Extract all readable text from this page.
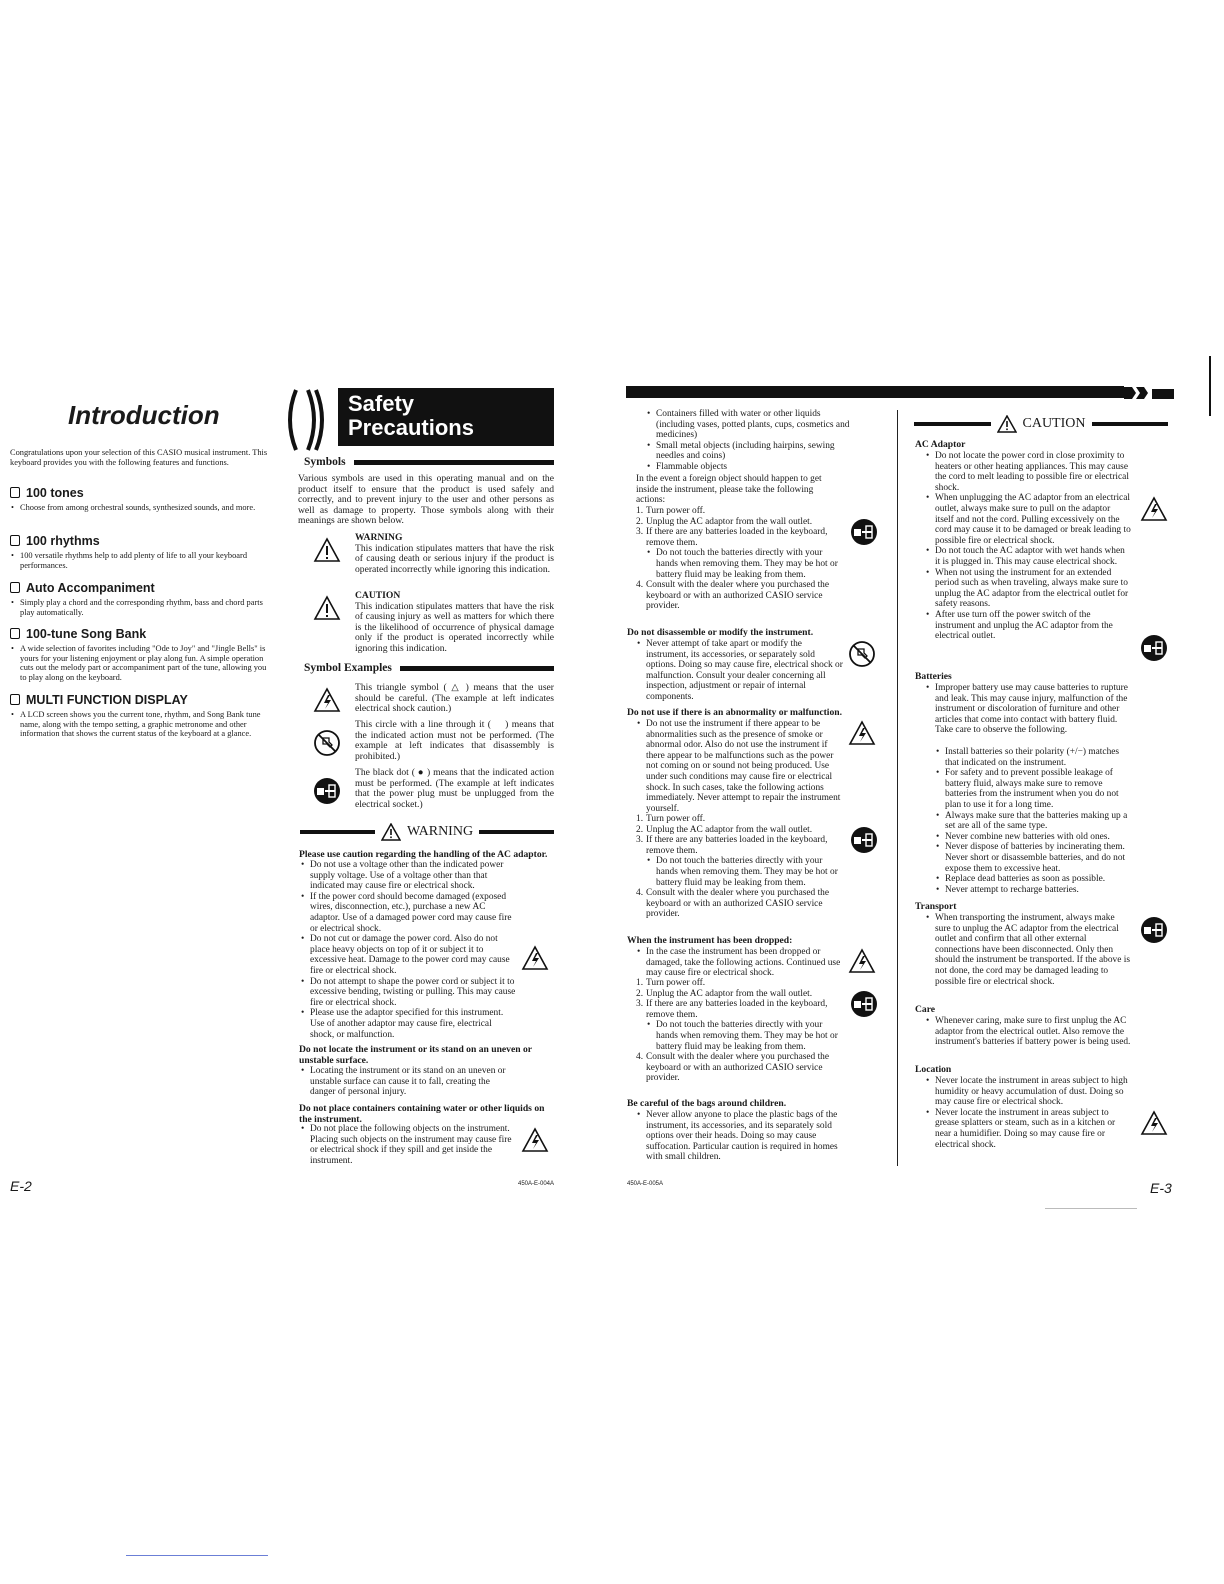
Introduction
Congratulations upon your selection of this CASIO musical instrument. This keyboard provides you with the following features and functions.
100 tones
• Choose from among orchestral sounds, synthesized sounds, and more.
100 rhythms
• 100 versatile rhythms help to add plenty of life to all your keyboard performances.
Auto Accompaniment
• Simply play a chord and the corresponding rhythm, bass and chord parts play automatically.
100-tune Song Bank
• A wide selection of favorites including "Ode to Joy" and "Jingle Bells" is yours for your listening enjoyment or play along fun. A simple operation cuts out the melody part or accompaniment part of the tune, allowing you to play along on the keyboard.
MULTI FUNCTION DISPLAY
• A LCD screen shows you the current tone, rhythm, and Song Bank tune name, along with the tempo setting, a graphic metronome and other information that shows the current status of the keyboard at a glance.
E-2
Safety
Precautions
Symbols
Various symbols are used in this operating manual and on the product itself to ensure that the product is used safely and correctly, and to prevent injury to the user and other persons as well as damage to property. Those symbols along with their meanings are shown below.
WARNING
This indication stipulates matters that have the risk of causing death or serious injury if the product is operated incorrectly while ignoring this indication.
CAUTION
This indication stipulates matters that have the risk of causing injury as well as matters for which there is the likelihood of occurrence of physical damage only if the product is operated incorrectly while ignoring this indication.
Symbol Examples
This triangle symbol ( △ ) means that the user should be careful. (The example at left indicates electrical shock caution.)
This circle with a line through it ( ⃠ ) means that the indicated action must not be performed. (The example at left indicates that disassembly is prohibited.)
The black dot ( ● ) means that the indicated action must be performed. (The example at left indicates that the power plug must be unplugged from the electrical socket.)
WARNING
Please use caution regarding the handling of the AC adaptor.
• Do not use a voltage other than the indicated power supply voltage. Use of a voltage other than that indicated may cause fire or electrical shock.
• If the power cord should become damaged (exposed wires, disconnection, etc.), purchase a new AC adaptor. Use of a damaged power cord may cause fire or electrical shock.
• Do not cut or damage the power cord. Also do not place heavy objects on top of it or subject it to excessive heat. Damage to the power cord may cause fire or electrical shock.
• Do not attempt to shape the power cord or subject it to excessive bending, twisting or pulling. This may cause fire or electrical shock.
• Please use the adaptor specified for this instrument. Use of another adaptor may cause fire, electrical shock, or malfunction.
Do not locate the instrument or its stand on an uneven or unstable surface.
• Locating the instrument or its stand on an uneven or unstable surface can cause it to fall, creating the danger of personal injury.
Do not place containers containing water or other liquids on the instrument.
• Do not place the following objects on the instrument. Placing such objects on the instrument may cause fire or electrical shock if they spill and get inside the instrument.
450A-E-004A
• Containers filled with water or other liquids (including vases, potted plants, cups, cosmetics and medicines)
• Small metal objects (including hairpins, sewing needles and coins)
• Flammable objects
In the event a foreign object should happen to get inside the instrument, please take the following actions:
1. Turn power off.
2. Unplug the AC adaptor from the wall outlet.
3. If there are any batteries loaded in the keyboard, remove them.
• Do not touch the batteries directly with your hands when removing them. They may be hot or battery fluid may be leaking from them.
4. Consult with the dealer where you purchased the keyboard or with an authorized CASIO service provider.
Do not disassemble or modify the instrument.
• Never attempt of take apart or modify the instrument, its accessories, or separately sold options. Doing so may cause fire, electrical shock or malfunction. Consult your dealer concerning all inspection, adjustment or repair of internal components.
Do not use if there is an abnormality or malfunction.
• Do not use the instrument if there appear to be abnormalities such as the presence of smoke or abnormal odor. Also do not use the instrument if there appear to be malfunctions such as the power not coming on or sound not being produced. Use under such conditions may cause fire or electrical shock. In such cases, take the following actions immediately. Never attempt to repair the instrument yourself.
1. Turn power off.
2. Unplug the AC adaptor from the wall outlet.
3. If there are any batteries loaded in the keyboard, remove them.
• Do not touch the batteries directly with your hands when removing them. They may be hot or battery fluid may be leaking from them.
4. Consult with the dealer where you purchased the keyboard or with an authorized CASIO service provider.
When the instrument has been dropped:
• In the case the instrument has been dropped or damaged, take the following actions. Continued use may cause fire or electrical shock.
1. Turn power off.
2. Unplug the AC adaptor from the wall outlet.
3. If there are any batteries loaded in the keyboard, remove them.
• Do not touch the batteries directly with your hands when removing them. They may be hot or battery fluid may be leaking from them.
4. Consult with the dealer where you purchased the keyboard or with an authorized CASIO service provider.
Be careful of the bags around children.
• Never allow anyone to place the plastic bags of the instrument, its accessories, and its separately sold options over their heads. Doing so may cause suffocation. Particular caution is required in homes with small children.
450A-E-005A
CAUTION
AC Adaptor
• Do not locate the power cord in close proximity to heaters or other heating appliances. This may cause the cord to melt leading to possible fire or electrical shock.
• When unplugging the AC adaptor from an electrical outlet, always make sure to pull on the adaptor itself and not the cord. Pulling excessively on the cord may cause it to be damaged or break leading to possible fire or electrical shock.
• Do not touch the AC adaptor with wet hands when it is plugged in. This may cause electrical shock.
• When not using the instrument for an extended period such as when traveling, always make sure to unplug the AC adaptor from the electrical outlet for safety reasons.
• After use turn off the power switch of the instrument and unplug the AC adaptor from the electrical outlet.
Batteries
• Improper battery use may cause batteries to rupture and leak. This may cause injury, malfunction of the instrument or discoloration of furniture and other articles that come into contact with battery fluid. Take care to observe the following.
• Install batteries so their polarity (+/−) matches that indicated on the instrument.
• For safety and to prevent possible leakage of battery fluid, always make sure to remove batteries from the instrument when you do not plan to use it for a long time.
• Always make sure that the batteries making up a set are all of the same type.
• Never combine new batteries with old ones.
• Never dispose of batteries by incinerating them. Never short or disassemble batteries, and do not expose them to excessive heat.
• Replace dead batteries as soon as possible.
• Never attempt to recharge batteries.
Transport
• When transporting the instrument, always make sure to unplug the AC adaptor from the electrical outlet and confirm that all other external connections have been disconnected. Only then should the instrument be transported. If the above is not done, the cord may be damaged leading to possible fire or electrical shock.
Care
• Whenever caring, make sure to first unplug the AC adaptor from the electrical outlet. Also remove the instrument's batteries if battery power is being used.
Location
• Never locate the instrument in areas subject to high humidity or heavy accumulation of dust. Doing so may cause fire or electrical shock.
• Never locate the instrument in areas subject to grease splatters or steam, such as in a kitchen or near a humidifier. Doing so may cause fire or electrical shock.
E-3
